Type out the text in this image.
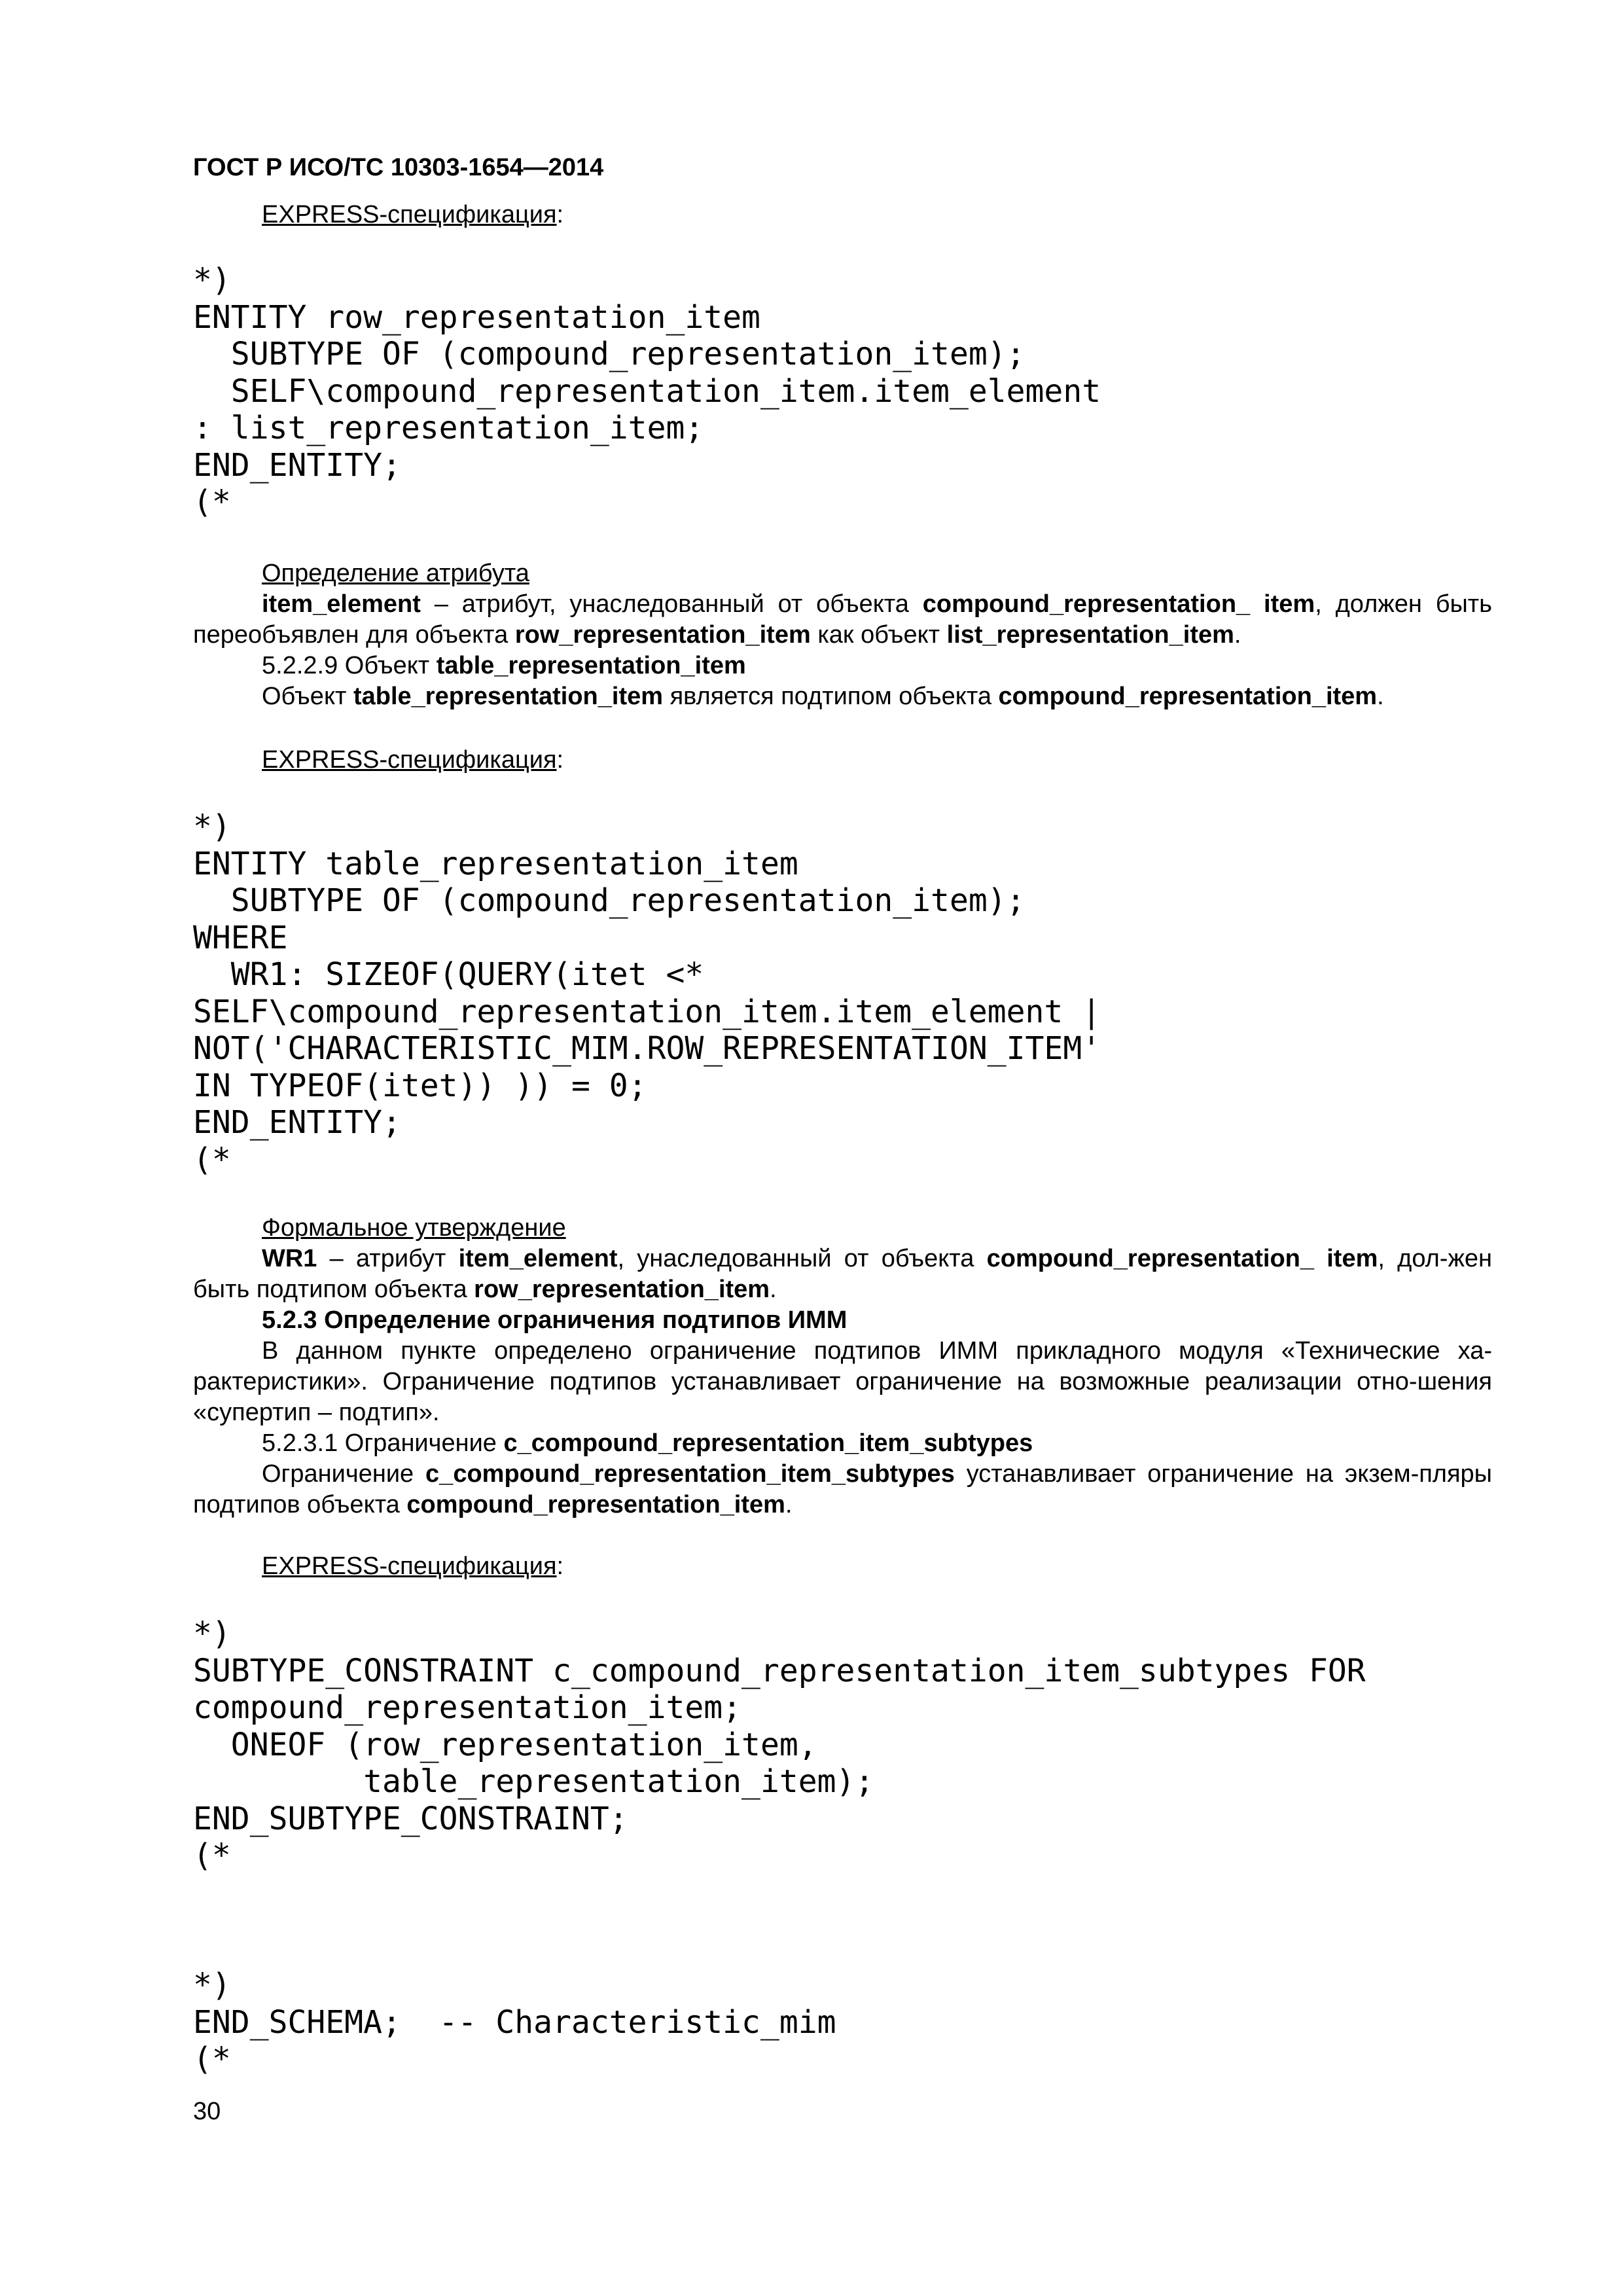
ГОСТ Р ИСО/ТС 10303-1654—2014

EXPRESS-спецификация:

*)
ENTITY row_representation_item
SUBTYPE OF (compound_representation_item);
SELF\compound_representation_item.item_element
: list_representation_item;
END_ENTITY;
(*

Определение атрибута

item_element – атрибут, унаследованный от объекта compound_representation_ item, должен быть переобъявлен для объекта row_representation_item как объект list_representation_item.

5.2.2.9 Объект table_representation_item

Объект table_representation_item является подтипом объекта compound_representation_item.

EXPRESS-спецификация:

*)
ENTITY table_representation_item
SUBTYPE OF (compound_representation_item);
WHERE
WR1: SIZEOF(QUERY(itet <*
SELF\compound_representation_item.item_element |
NOT('CHARACTERISTIC_MIM.ROW_REPRESENTATION_ITEM'
IN TYPEOF(itet)) )) = 0;
END_ENTITY;
(*

Формальное утверждение

WR1 – атрибут item_element, унаследованный от объекта compound_representation_ item, дол-жен быть подтипом объекта row_representation_item.

5.2.3 Определение ограничения подтипов ИММ

В данном пункте определено ограничение подтипов ИММ прикладного модуля «Технические ха-рактеристики». Ограничение подтипов устанавливает ограничение на возможные реализации отно-шения «супертип – подтип».

5.2.3.1 Ограничение c_compound_representation_item_subtypes

Ограничение c_compound_representation_item_subtypes устанавливает ограничение на экзем-пляры подтипов объекта compound_representation_item.

EXPRESS-спецификация:

*)
SUBTYPE_CONSTRAINT c_compound_representation_item_subtypes FOR
compound_representation_item;
ONEOF (row_representation_item,
table_representation_item);
END_SUBTYPE_CONSTRAINT;
(*
*)
END_SCHEMA;  -- Characteristic_mim
(*
30
